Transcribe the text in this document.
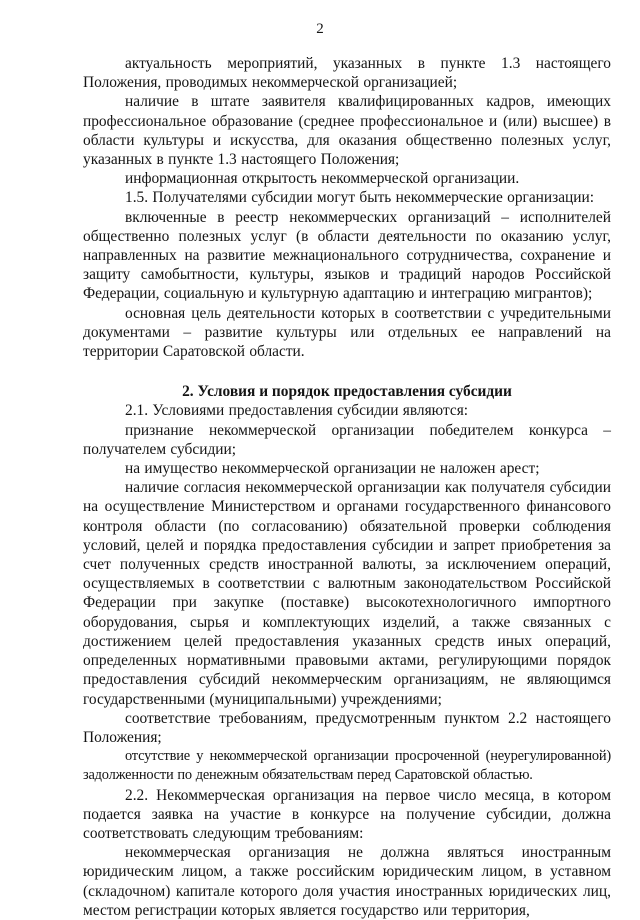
2

актуальность мероприятий, указанных в пункте 1.3 настоящего Положения, проводимых некоммерческой организацией;

наличие в штате заявителя квалифицированных кадров, имеющих профессиональное образование (среднее профессиональное и (или) высшее) в области культуры и искусства, для оказания общественно полезных услуг, указанных в пункте 1.3 настоящего Положения;

информационная открытость некоммерческой организации.

1.5. Получателями субсидии могут быть некоммерческие организации:

включенные в реестр некоммерческих организаций – исполнителей общественно полезных услуг (в области деятельности по оказанию услуг, направленных на развитие межнационального сотрудничества, сохранение и защиту самобытности, культуры, языков и традиций народов Российской Федерации, социальную и культурную адаптацию и интеграцию мигрантов);

основная цель деятельности которых в соответствии с учредительными документами – развитие культуры или отдельных ее направлений на территории Саратовской области.

2. Условия и порядок предоставления субсидии

2.1. Условиями предоставления субсидии являются:

признание некоммерческой организации победителем конкурса – получателем субсидии;

на имущество некоммерческой организации не наложен арест;

наличие согласия некоммерческой организации как получателя субсидии на осуществление Министерством и органами государственного финансового контроля области (по согласованию) обязательной проверки соблюдения условий, целей и порядка предоставления субсидии и запрет приобретения за счет полученных средств иностранной валюты, за исключением операций, осуществляемых в соответствии с валютным законодательством Российской Федерации при закупке (поставке) высокотехнологичного импортного оборудования, сырья и комплектующих изделий, а также связанных с достижением целей предоставления указанных средств иных операций, определенных нормативными правовыми актами, регулирующими порядок предоставления субсидий некоммерческим организациям, не являющимся государственными (муниципальными) учреждениями;

соответствие требованиям, предусмотренным пунктом 2.2 настоящего Положения;

отсутствие у некоммерческой организации просроченной (неурегулированной) задолженности по денежным обязательствам перед Саратовской областью.

2.2. Некоммерческая организация на первое число месяца, в котором подается заявка на участие в конкурсе на получение субсидии, должна соответствовать следующим требованиям:

некоммерческая организация не должна являться иностранным юридическим лицом, а также российским юридическим лицом, в уставном (складочном) капитале которого доля участия иностранных юридических лиц, местом регистрации которых является государство или территория,
